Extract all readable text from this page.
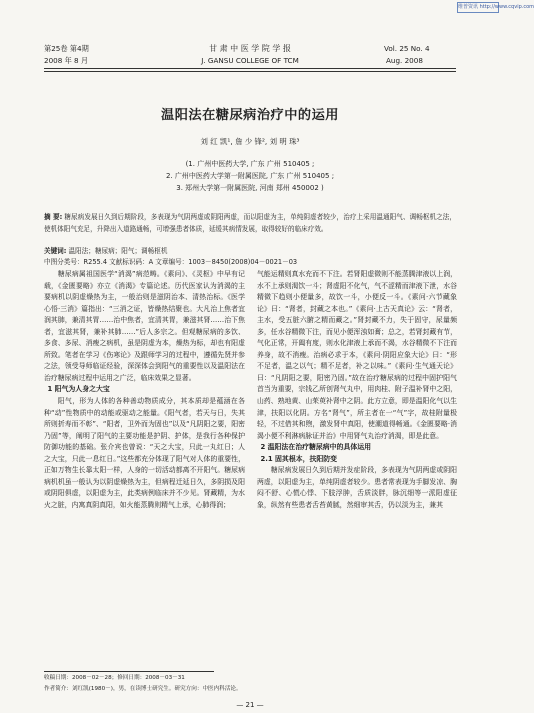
维普资讯 http://www.cqvip.com
第25卷 第4期
2008 年 8 月
甘 肃 中 医 学 院 学 报
J. GANSU COLLEGE OF TCM
Vol. 25 No. 4
Aug. 2008
温阳法在糖尿病治疗中的运用
刘 红 凯¹, 詹 少 锋², 刘 明 珠³
(1. 广州中医药大学, 广东 广州 510405 ;
2. 广州中医药大学第一附属医院, 广东 广州 510405 ;
3. 郑州大学第一附属医院, 河南 郑州 450002 )
摘 要: 糖尿病发展日久到后期阶段，多表现为气阴两虚或阴阳两虚，而以阳虚为主，单纯阴虚者较少，治疗上采用温通阳气、调畅枢机之法，使机体阳气充足，升降出入道路通畅，可增强患者体质，延缓其病情发展，取得较好的临床疗效。
关键词: 温阳法；糖尿病；阳气；调畅枢机
中图分类号：R255.4 文献标识码：A 文章编号：1003－8450(2008)04－0021－03

糖尿病属祖国医学“消渴”病范畴。《素问》、《灵枢》中早有记载，《金匮要略》亦立《消渴》专篇论述。历代医家认为消渴的主要病机以阴虚燥热为主，一般治则是滋阴治本、清热治标。《医学心悟·三消》篇指出：“三消之证，皆燥热结聚也。大凡治上焦者宜润其肺，兼清其胃……治中焦者，宜清其胃，兼滋其肾……治下焦者，宜滋其肾，兼补其肺……”后人多宗之。但观糖尿病的多饮、多食、多尿、消瘦之病机，虽是阴虚为本，燥热为标，却也有阳虚所致。笔者在学习《伤寒论》及跟师学习的过程中，遵循先贤并参之法，领受导师临证经验，深深体会到阳气的重要性以及温阳法在治疗糖尿病过程中运用之广泛，临床效果之显著。

1 阳气为人身之大宝

阳气，形为人体的各种善动物质成分，其本质却是蕴涵在各种“动”性物质中的动能或驱动之能量。《阳气者，若天与日，失其所则折寿而不彰”、“阳者，卫外而为固也”以及“凡阴阳之要，阳密乃固”等，阐明了阳气的主要功能是护阴、护体，是我行各种保护防御功能的基础。张介宾也曾说：“天之大宝，只此一丸红日；人之大宝，只此一息红日。”这些都充分体现了阳气对人体的重要性，正如万物生长靠太阳一样，人身的一切活动都离不开阳气。糖尿病病机机虽一般认为以阴虚燥热为主，但病程迁延日久，多阴损及阳或阴阳俱虚，以阳虚为主，此类病例临床并不少见。肾藏精，为水火之脏，内寓真阴真阳，如火能蒸腾则精气上承，心肺得润；

气能运精则真水充而不下注。若肾阳虚微则不能蒸腾津液以上润，水不上承则渴饮一斗；肾虚阳不化气，气不涩精而津液下泄，水谷精微下趋则小便量多，故饮一斗，小便反一斗。《素问·六节藏象论》曰：“肾者，封藏之本也。”《素问·上古天真论》云：“肾者，主水，受五脏六腑之精而藏之。”肾封藏不力，失于固守，尿量频多，任水谷精微下注，而见小便浑浊如膏；总之，若肾封藏有节，气化正常，开阖有度，则水化津液上承而不渴，水谷精微不下注而养身，故不消瘦。治病必求于本，《素问·阴阳应象大论》曰：“形不足者，温之以气；精不足者，补之以味。”《素问·生气通天论》曰：“凡阴阳之要，阳密乃固。”故在治疗糖尿病的过程中固护阳气首当为重要，宗钱乙所创肾气丸中，用肉桂、附子温补肾中之阳，山药、熟地黄、山茱萸补肾中之阴。此方立意，即是温阳化气以生津，扶阳以化阴。方名“肾气”，所主者在一“气”字，故桂附量极轻，不过借其和煦，激发肾中真阳，使潮道得畅通。《金匮要略·消渴小便不利淋病脉证并治》中用肾气丸治疗消渴，即是此意。

2 温阳法在治疗糖尿病中的具体运用

2.1 固其根本，扶阳防变

糖尿病发展日久到后期并发症阶段，多表现为气阴两虚或阴阳两虚，以阳虚为主，单纯阴虚者较少。患者常表现为手脚发凉、胸闷不舒、心慌心悸、下肢浮肿，舌质淡胖，脉沉细等一派阳虚征象，纵然有些患者舌苔黄腻，然细审其舌，仍以淡为主，兼其

收稿日期：2008－02－28；修回日期：2008－03－31
作者简介：刘红凯(1980－)，男，在读博士研究生。研究方向：中医内科活论。
— 21 —
